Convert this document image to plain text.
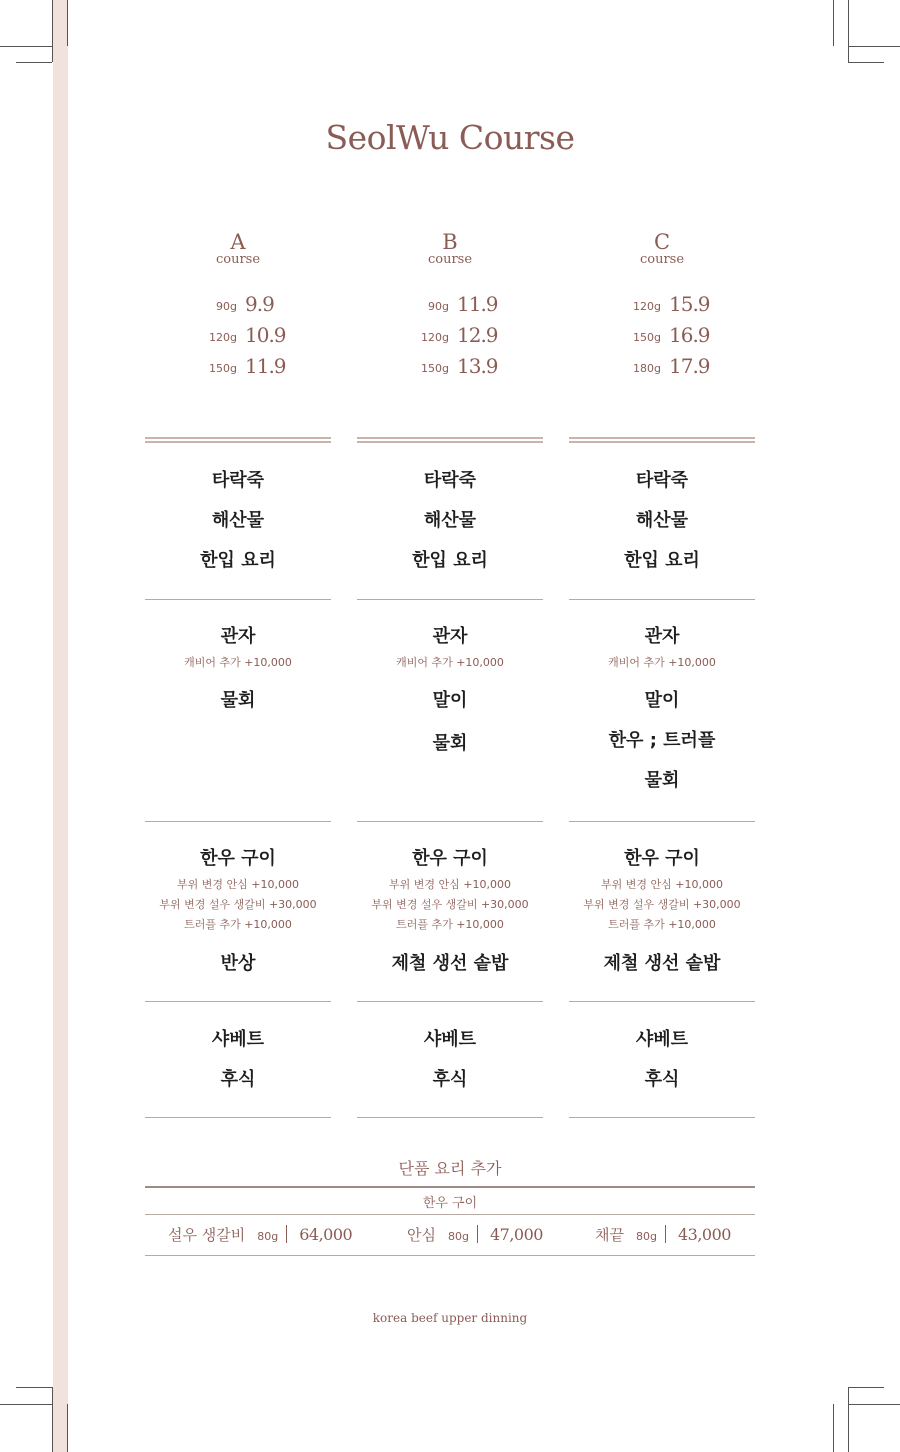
SeolWu Course
A
course
90g 9.9
120g 10.9
150g 11.9
타락죽
해산물
한입 요리
관자
캐비어 추가 +10,000
물회
한우 구이
부위 변경 안심 +10,000
부위 변경 설우 생갈비 +30,000
트러플 추가 +10,000
반상
샤베트
후식
B
course
90g 11.9
120g 12.9
150g 13.9
타락죽
해산물
한입 요리
관자
캐비어 추가 +10,000
말이
물회
한우 구이
부위 변경 안심 +10,000
부위 변경 설우 생갈비 +30,000
트러플 추가 +10,000
제철 생선 솥밥
샤베트
후식
C
course
120g 15.9
150g 16.9
180g 17.9
타락죽
해산물
한입 요리
관자
캐비어 추가 +10,000
말이
한우 ; 트러플
물회
한우 구이
부위 변경 안심 +10,000
부위 변경 설우 생갈비 +30,000
트러플 추가 +10,000
제철 생선 솥밥
샤베트
후식
단품 요리 추가
한우 구이
설우 생갈비 80g 64,000	안심 80g 47,000	채끝 80g 43,000
korea beef upper dinning
